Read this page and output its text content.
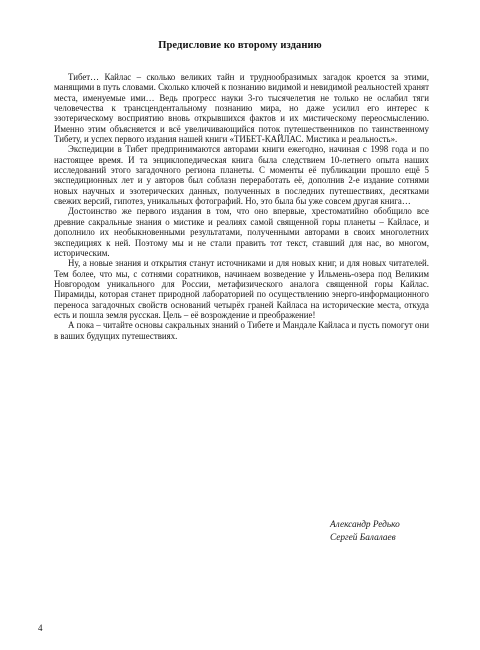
Предисловие ко второму изданию

Тибет… Кайлас – сколько великих тайн и труднообразимых загадок кроется за этими, манящими в путь словами. Сколько ключей к познанию видимой и невидимой реальностей хранят места, именуемые ими… Ведь прогресс науки 3-го тысячелетия не только не ослабил тяги человечества к трансцендентальному познанию мира, но даже усилил его интерес к эзотерическому восприятию вновь открывшихся фактов и их мистическому переосмыслению. Именно этим объясняется и всё увеличивающийся поток путешественников по таинственному Тибету, и успех первого издания нашей книги «ТИБЕТ-КАЙЛАС. Мистика и реальность».

Экспедиции в Тибет предпринимаются авторами книги ежегодно, начиная с 1998 года и по настоящее время. И та энциклопедическая книга была следствием 10-летнего опыта наших исследований этого загадочного региона планеты. С моменты её публикации прошло ещё 5 экспедиционных лет и у авторов был соблазн переработать её, дополнив 2-е издание сотнями новых научных и эзотерических данных, полученных в последних путешествиях, десятками свежих версий, гипотез, уникальных фотографий. Но, это была бы уже совсем другая книга…

Достоинство же первого издания в том, что оно впервые, хрестоматийно обобщило все древние сакральные знания о мистике и реалиях самой священной горы планеты – Кайласе, и дополнило их необыкновенными результатами, полученными авторами в своих многолетних экспедициях к ней. Поэтому мы и не стали править тот текст, ставший для нас, во многом, историческим.

Ну, а новые знания и открытия станут источниками и для новых книг, и для новых читателей. Тем более, что мы, с сотнями соратников, начинаем возведение у Ильмень-озера под Великим Новгородом уникального для России, метафизического аналога священной горы Кайлас. Пирамиды, которая станет природной лабораторией по осуществлению энерго-информационного переноса загадочных свойств оснований четырёх граней Кайласа на исторические места, откуда есть и пошла земля русская. Цель – её возрождение и преображение!

А пока – читайте основы сакральных знаний о Тибете и Мандале Кайласа и пусть помогут они в ваших будущих путешествиях.

Александр Редько
Сергей Балалаев
4
